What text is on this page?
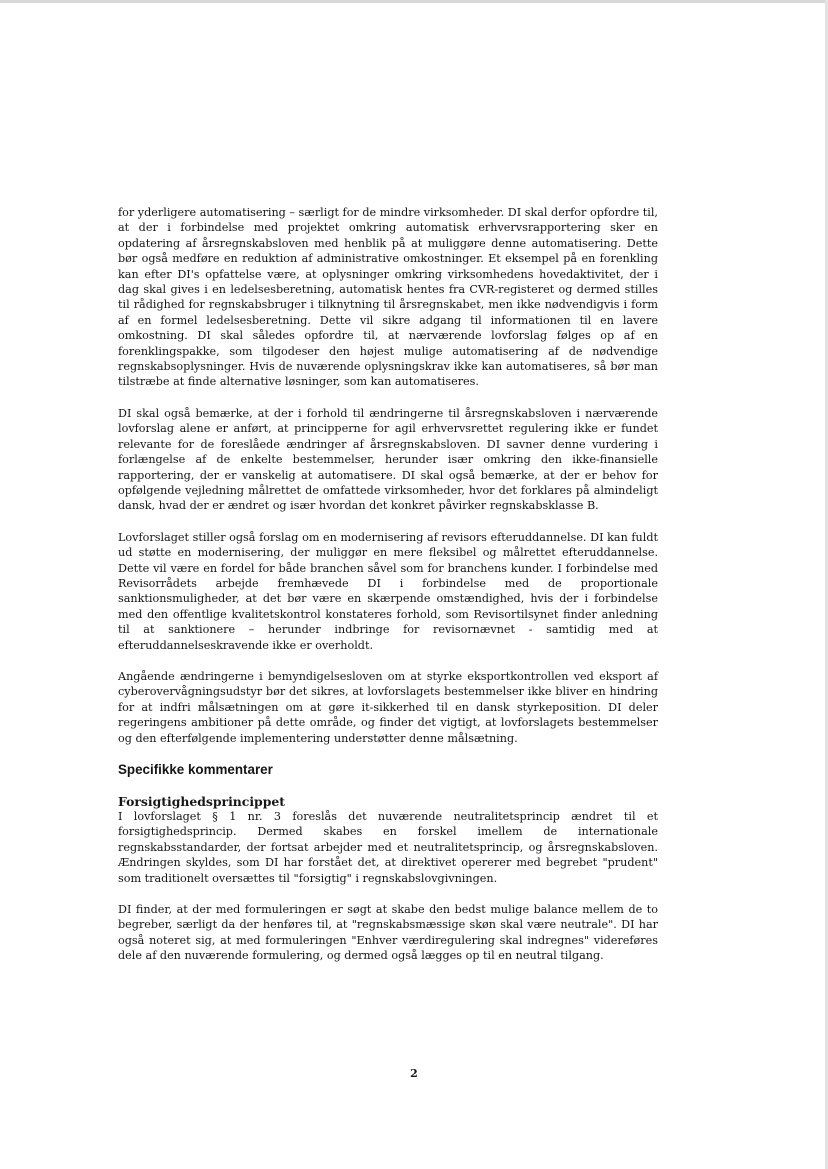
for yderligere automatisering – særligt for de mindre virksomheder. DI skal derfor opfordre til, at der i forbindelse med projektet omkring automatisk erhvervsrapportering sker en opdatering af årsregnskabsloven med henblik på at muliggøre denne automatisering. Dette bør også medføre en reduktion af administrative omkostninger. Et eksempel på en forenkling kan efter DI's opfattelse være, at oplysninger omkring virksomhedens hovedaktivitet, der i dag skal gives i en ledelsesberetning, automatisk hentes fra CVR-registeret og dermed stilles til rådighed for regnskabsbruger i tilknytning til årsregnskabet, men ikke nødvendigvis i form af en formel ledelsesberetning. Dette vil sikre adgang til informationen til en lavere omkostning. DI skal således opfordre til, at nærværende lovforslag følges op af en forenklingspakke, som tilgodeser den højest mulige automatisering af de nødvendige regnskabsoplysninger. Hvis de nuværende oplysningskrav ikke kan automatiseres, så bør man tilstræbe at finde alternative løsninger, som kan automatiseres.

DI skal også bemærke, at der i forhold til ændringerne til årsregnskabsloven i nærværende lovforslag alene er anført, at principperne for agil erhvervsrettet regulering ikke er fundet relevante for de foreslåede ændringer af årsregnskabsloven. DI savner denne vurdering i forlængelse af de enkelte bestemmelser, herunder især omkring den ikke-finansielle rapportering, der er vanskelig at automatisere. DI skal også bemærke, at der er behov for opfølgende vejledning målrettet de omfattede virksomheder, hvor det forklares på almindeligt dansk, hvad der er ændret og især hvordan det konkret påvirker regnskabsklasse B.

Lovforslaget stiller også forslag om en modernisering af revisors efteruddannelse. DI kan fuldt ud støtte en modernisering, der muliggør en mere fleksibel og målrettet efteruddannelse. Dette vil være en fordel for både branchen såvel som for branchens kunder. I forbindelse med Revisorrådets arbejde fremhævede DI i forbindelse med de proportionale sanktionsmuligheder, at det bør være en skærpende omstændighed, hvis der i forbindelse med den offentlige kvalitetskontrol konstateres forhold, som Revisortilsynet finder anledning til at sanktionere – herunder indbringe for revisornævnet - samtidig med at efteruddannelseskravende ikke er overholdt.

Angående ændringerne i bemyndigelsesloven om at styrke eksportkontrollen ved eksport af cyberovervågningsudstyr bør det sikres, at lovforslagets bestemmelser ikke bliver en hindring for at indfri målsætningen om at gøre it-sikkerhed til en dansk styrkeposition. DI deler regeringens ambitioner på dette område, og finder det vigtigt, at lovforslagets bestemmelser og den efterfølgende implementering understøtter denne målsætning.

Specifikke kommentarer
Forsigtighedsprincippet

I lovforslaget § 1 nr. 3 foreslås det nuværende neutralitetsprincip ændret til et forsigtighedsprincip. Dermed skabes en forskel imellem de internationale regnskabsstandarder, der fortsat arbejder med et neutralitetsprincip, og årsregnskabsloven. Ændringen skyldes, som DI har forstået det, at direktivet opererer med begrebet "prudent" som traditionelt oversættes til "forsigtig" i regnskabslovgivningen.

DI finder, at der med formuleringen er søgt at skabe den bedst mulige balance mellem de to begreber, særligt da der henføres til, at "regnskabsmæssige skøn skal være neutrale". DI har også noteret sig, at med formuleringen "Enhver værdiregulering skal indregnes" videreføres dele af den nuværende formulering, og dermed også lægges op til en neutral tilgang.

2
